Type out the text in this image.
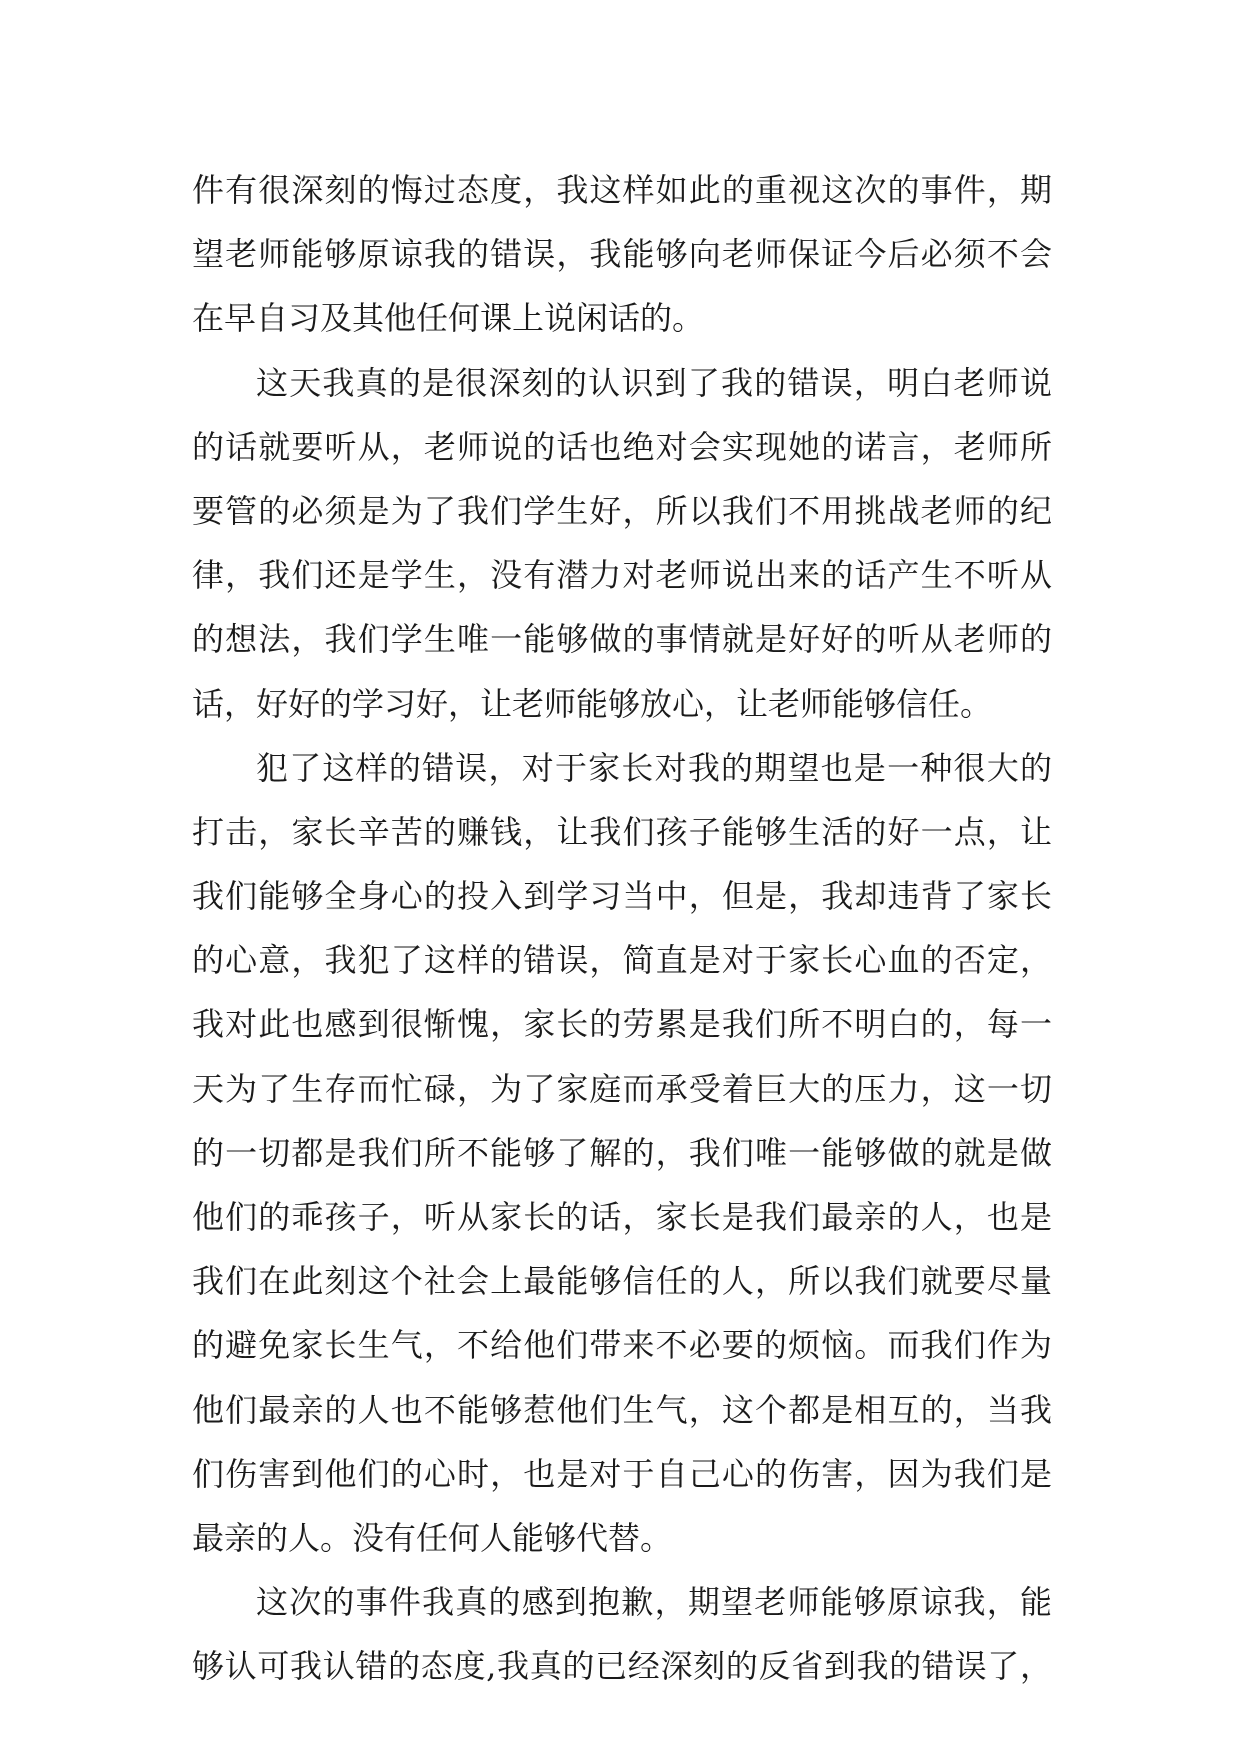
件有很深刻的悔过态度，我这样如此的重视这次的事件，期
望老师能够原谅我的错误，我能够向老师保证今后必须不会
在早自习及其他任何课上说闲话的。
这天我真的是很深刻的认识到了我的错误，明白老师说
的话就要听从，老师说的话也绝对会实现她的诺言，老师所
要管的必须是为了我们学生好，所以我们不用挑战老师的纪
律，我们还是学生，没有潜力对老师说出来的话产生不听从
的想法，我们学生唯一能够做的事情就是好好的听从老师的
话，好好的学习好，让老师能够放心，让老师能够信任。
犯了这样的错误，对于家长对我的期望也是一种很大的
打击，家长辛苦的赚钱，让我们孩子能够生活的好一点，让
我们能够全身心的投入到学习当中，但是，我却违背了家长
的心意，我犯了这样的错误，简直是对于家长心血的否定，
我对此也感到很惭愧，家长的劳累是我们所不明白的，每一
天为了生存而忙碌，为了家庭而承受着巨大的压力，这一切
的一切都是我们所不能够了解的，我们唯一能够做的就是做
他们的乖孩子，听从家长的话，家长是我们最亲的人，也是
我们在此刻这个社会上最能够信任的人，所以我们就要尽量
的避免家长生气，不给他们带来不必要的烦恼。而我们作为
他们最亲的人也不能够惹他们生气，这个都是相互的，当我
们伤害到他们的心时，也是对于自己心的伤害，因为我们是
最亲的人。没有任何人能够代替。
这次的事件我真的感到抱歉，期望老师能够原谅我，能
够认可我认错的态度,我真的已经深刻的反省到我的错误了，
